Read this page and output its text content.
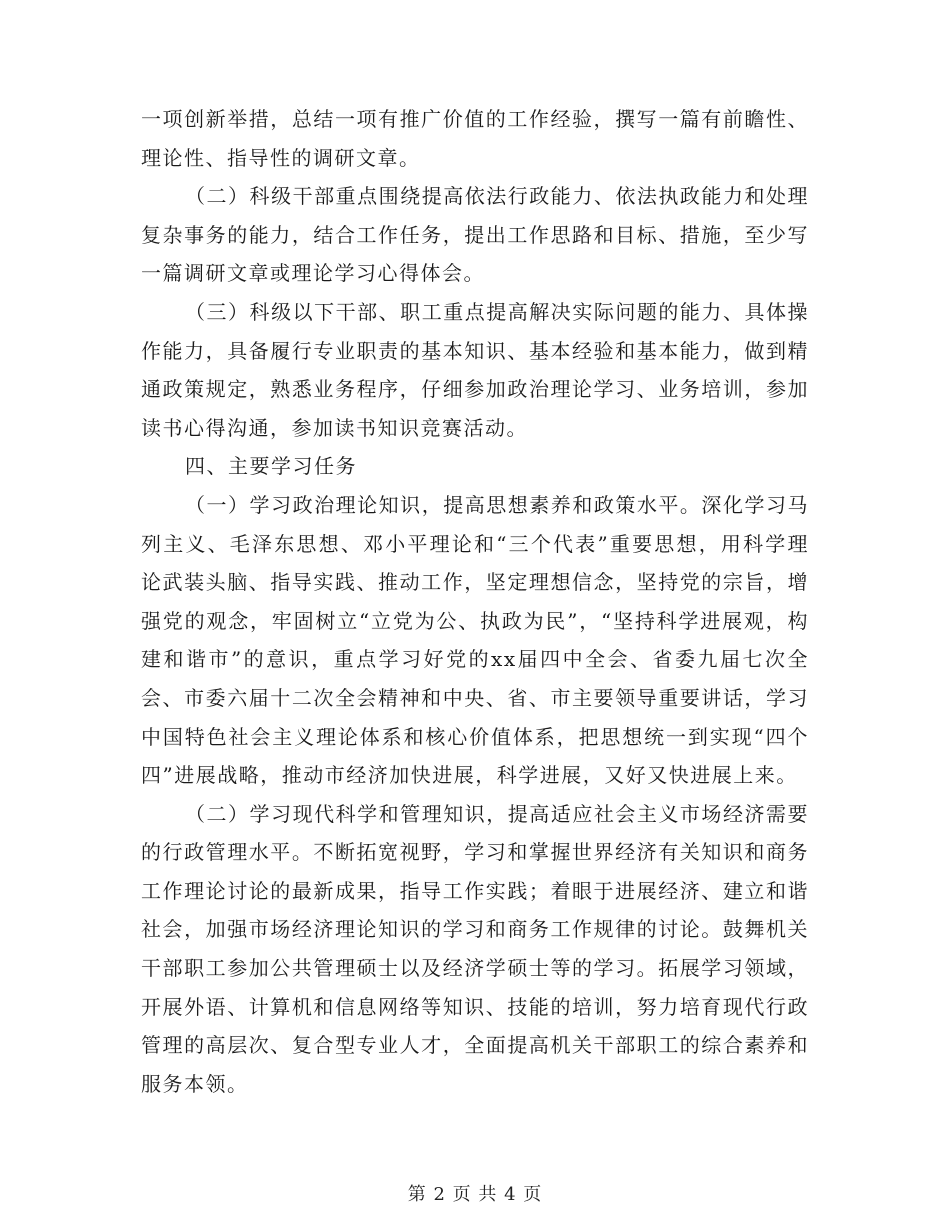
一项创新举措，总结一项有推广价值的工作经验，撰写一篇有前瞻性、理论性、指导性的调研文章。

（二）科级干部重点围绕提高依法行政能力、依法执政能力和处理复杂事务的能力，结合工作任务，提出工作思路和目标、措施，至少写一篇调研文章或理论学习心得体会。

（三）科级以下干部、职工重点提高解决实际问题的能力、具体操作能力，具备履行专业职责的基本知识、基本经验和基本能力，做到精通政策规定，熟悉业务程序，仔细参加政治理论学习、业务培训，参加读书心得沟通，参加读书知识竞赛活动。

四、主要学习任务

（一）学习政治理论知识，提高思想素养和政策水平。深化学习马列主义、毛泽东思想、邓小平理论和“三个代表”重要思想，用科学理论武装头脑、指导实践、推动工作，坚定理想信念，坚持党的宗旨，增强党的观念，牢固树立“立党为公、执政为民”，“坚持科学进展观，构建和谐市”的意识，重点学习好党的xx届四中全会、省委九届七次全会、市委六届十二次全会精神和中央、省、市主要领导重要讲话，学习中国特色社会主义理论体系和核心价值体系，把思想统一到实现“四个四”进展战略，推动市经济加快进展，科学进展，又好又快进展上来。

（二）学习现代科学和管理知识，提高适应社会主义市场经济需要的行政管理水平。不断拓宽视野，学习和掌握世界经济有关知识和商务工作理论讨论的最新成果，指导工作实践；着眼于进展经济、建立和谐社会，加强市场经济理论知识的学习和商务工作规律的讨论。鼓舞机关干部职工参加公共管理硕士以及经济学硕士等的学习。拓展学习领域，开展外语、计算机和信息网络等知识、技能的培训，努力培育现代行政管理的高层次、复合型专业人才，全面提高机关干部职工的综合素养和服务本领。

第 2 页 共 4 页
